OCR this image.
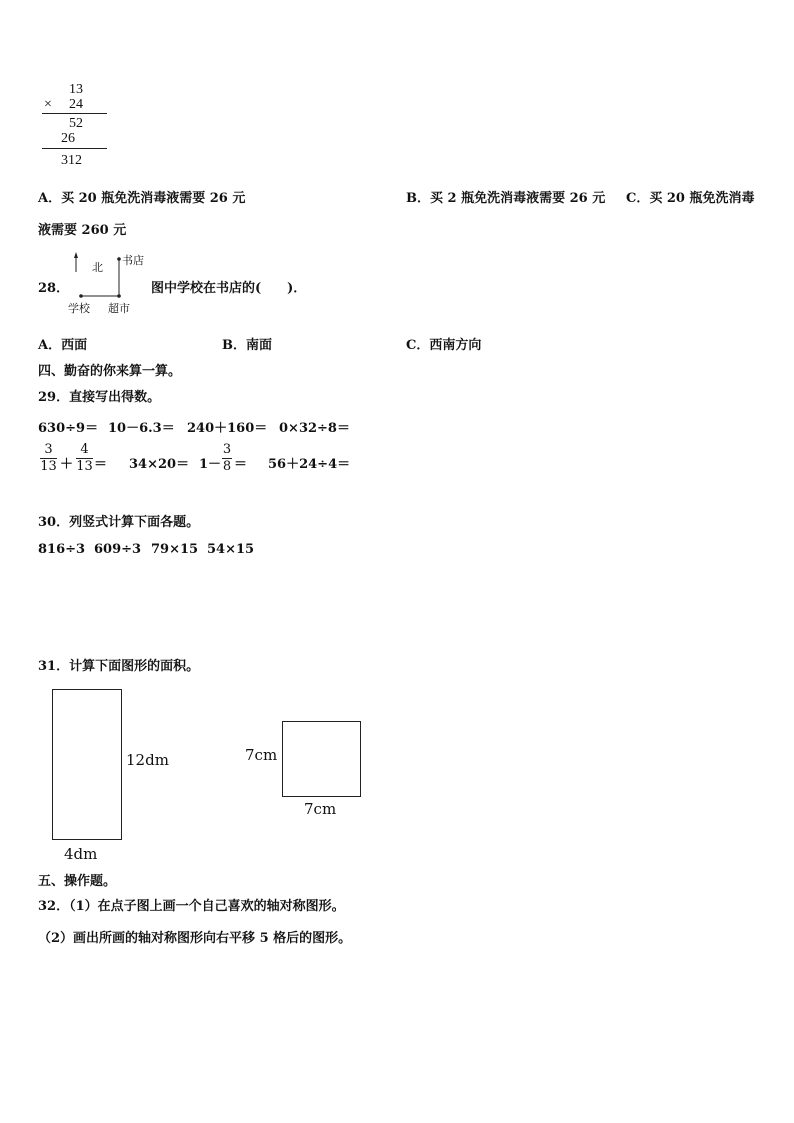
13
× 24
52
26
312
A．买 20 瓶免洗消毒液需要 26 元	B．买 2 瓶免洗消毒液需要 26 元 C．买 20 瓶免洗消毒
液需要 260 元
28．
北
书店
学校 超市
图中学校在书店的(　　)．
A．西面	B．南面	C．西南方向
四、勤奋的你来算一算。
29．直接写出得数。
630÷9＝ 10－6.3＝ 240＋160＝ 0×32÷8＝
3
13 ＋
4
13 ＝ 34×20＝ 1－
3
8 ＝ 56＋24÷4＝
30．列竖式计算下面各题。
816÷3 609÷3 79×15 54×15
31．计算下面图形的面积。
12dm
4dm
7cm
7cm
五、操作题。
32．（1）在点子图上画一个自己喜欢的轴对称图形。
（2）画出所画的轴对称图形向右平移 5 格后的图形。
